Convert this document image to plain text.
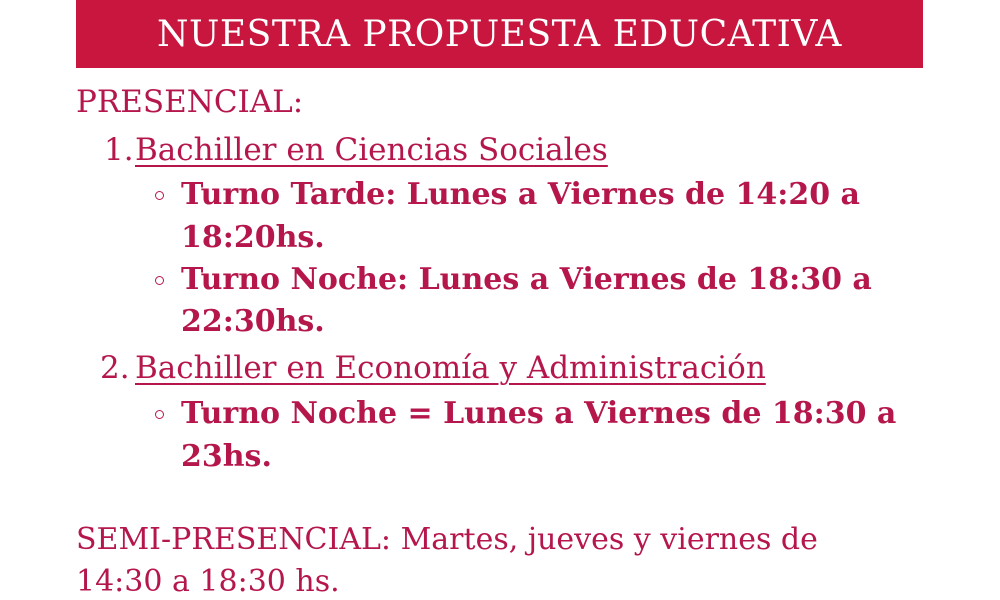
NUESTRA PROPUESTA EDUCATIVA
PRESENCIAL:
1. Bachiller en Ciencias Sociales
Turno Tarde: Lunes a Viernes de 14:20 a
18:20hs.
Turno Noche: Lunes a Viernes de 18:30 a
22:30hs.
2. Bachiller en Economía y Administración
Turno Noche = Lunes a Viernes de 18:30 a
23hs.
SEMI-PRESENCIAL: Martes, jueves y viernes de
14:30 a 18:30 hs.
